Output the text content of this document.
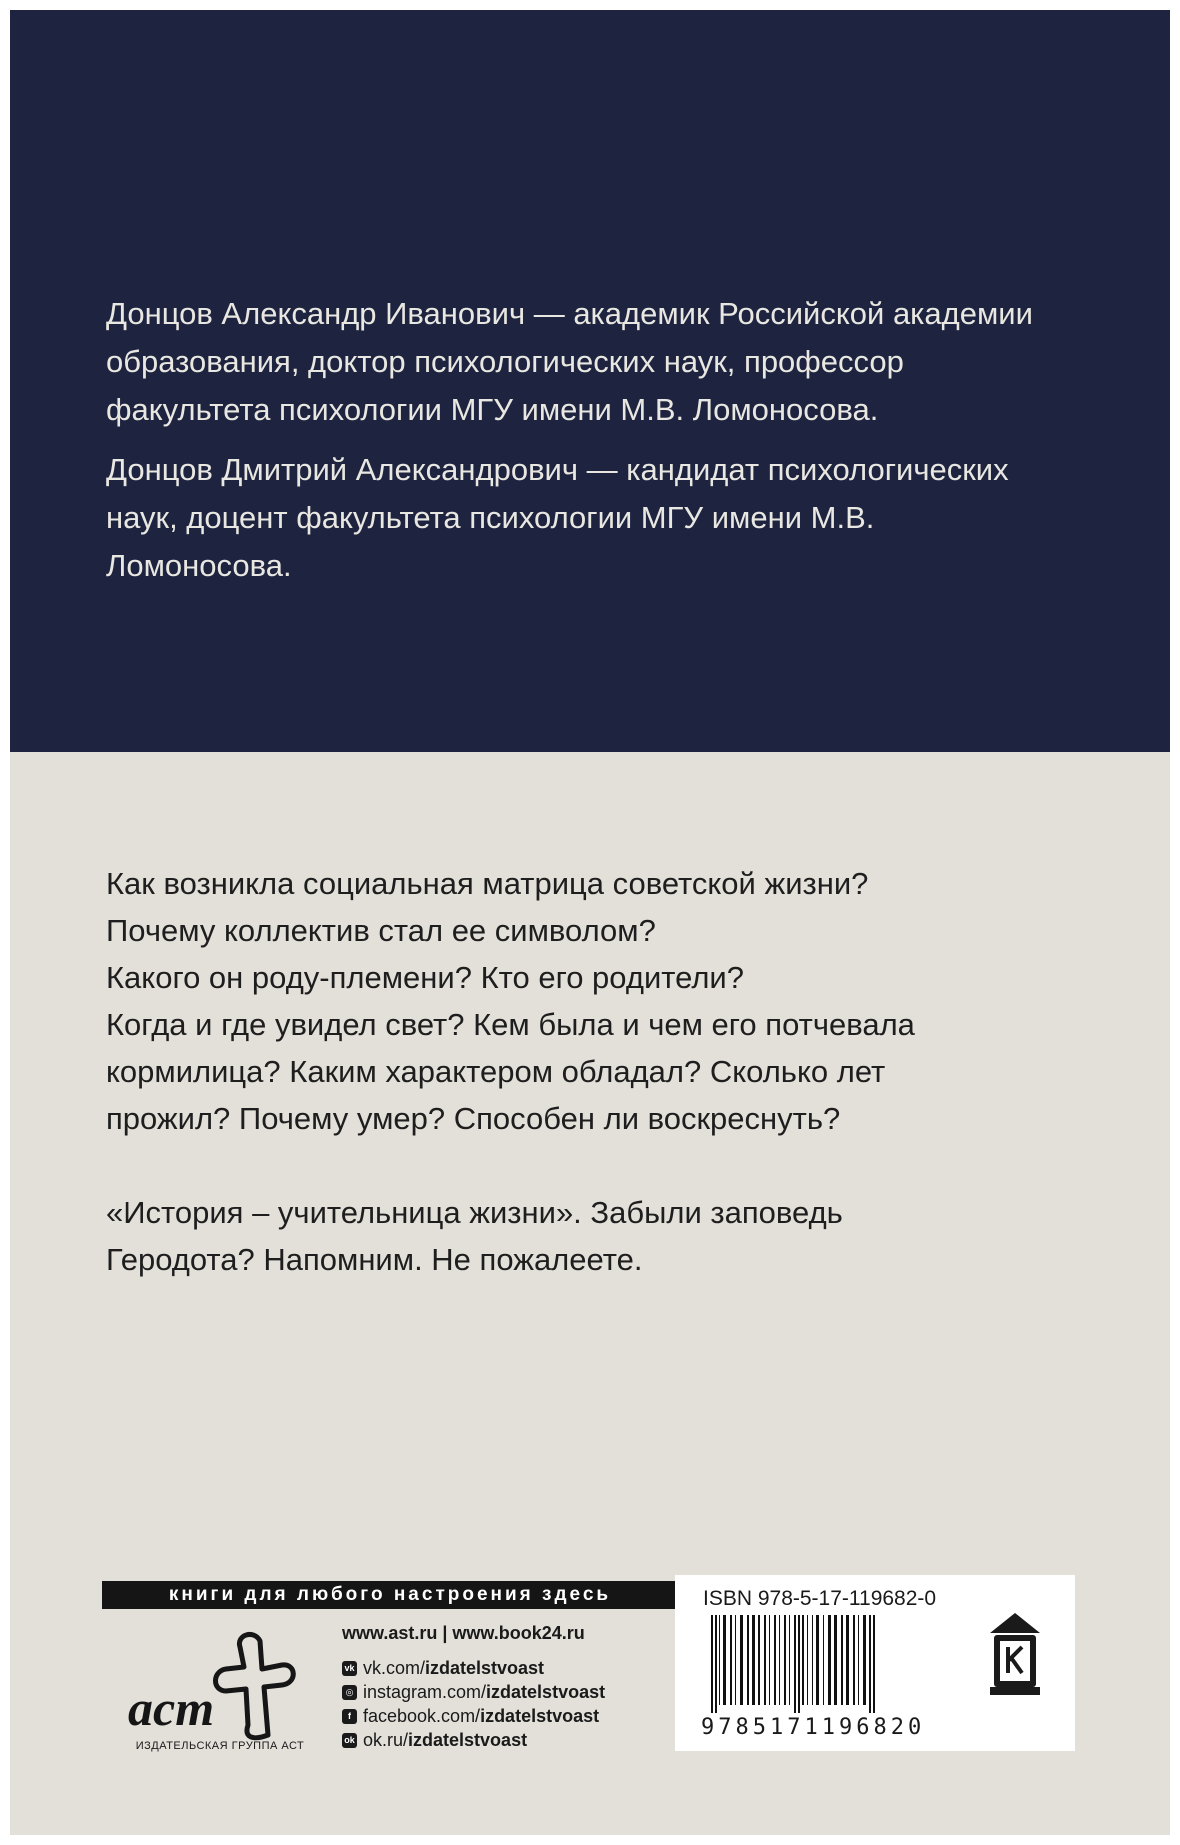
Донцов Александр Иванович — академик Российской академии образования, доктор психологических наук, профессор факультета психологии МГУ имени М.В. Ломоносова.

Донцов Дмитрий Александрович — кандидат психологических наук, доцент факультета психологии МГУ имени М.В. Ломоносова.

Как возникла социальная матрица советской жизни?

Почему коллектив стал ее символом?

Какого он роду-племени? Кто его родители?

Когда и где увидел свет? Кем была и чем его потчевала

кормилица? Каким характером обладал? Сколько лет

прожил? Почему умер? Способен ли воскреснуть?

«История – учительница жизни». Забыли заповедь

Геродота? Напомним. Не пожалеете.

книги для любого настроения здесь
аст
ИЗДАТЕЛЬСКАЯ ГРУППА АСТ
www.ast.ru | www.book24.ru
vk vk.com/ izdatelstvoast
◎ instagram.com/ izdatelstvoast
f facebook.com/ izdatelstvoast
ok ok.ru/ izdatelstvoast
ISBN 978-5-17-119682-0
9785171196820
